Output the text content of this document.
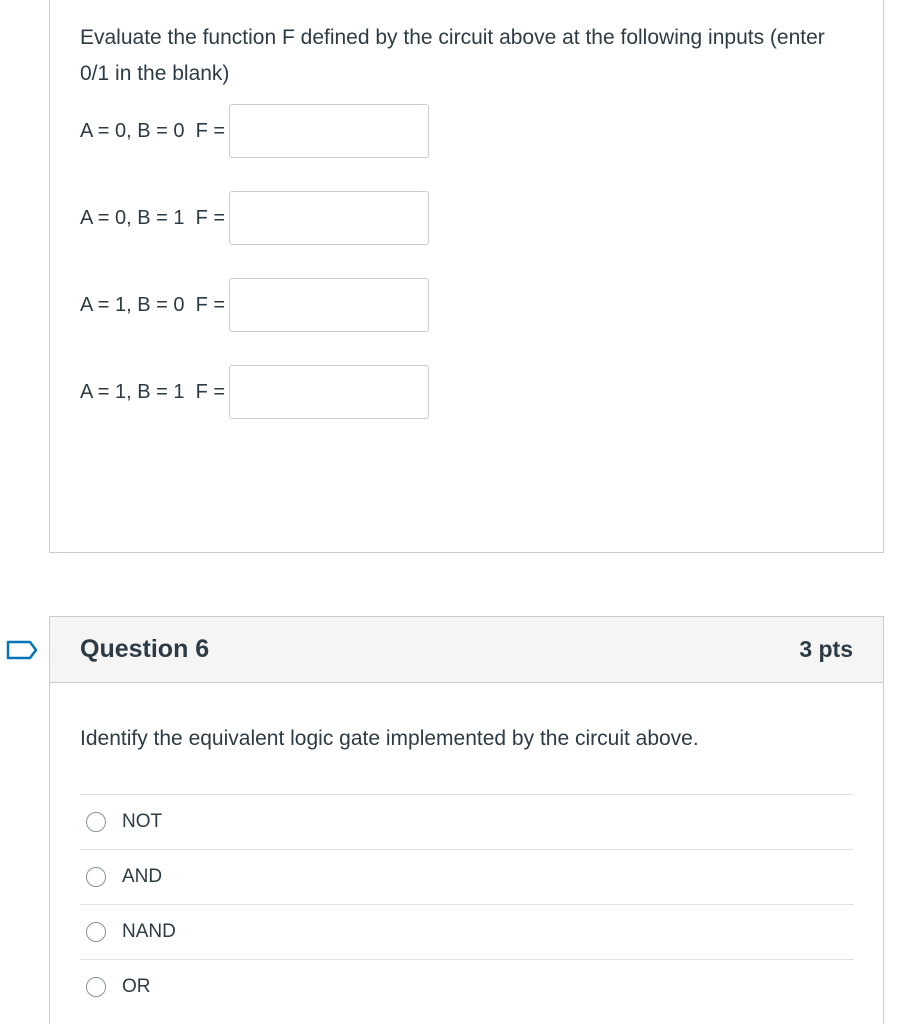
Evaluate the function F defined by the circuit above at the following inputs (enter 0/1 in the blank)
A = 0, B = 0  F =
A = 0, B = 1  F =
A = 1, B = 0  F =
A = 1, B = 1  F =
Question 6	3 pts
Identify the equivalent logic gate implemented by the circuit above.
NOT
AND
NAND
OR
